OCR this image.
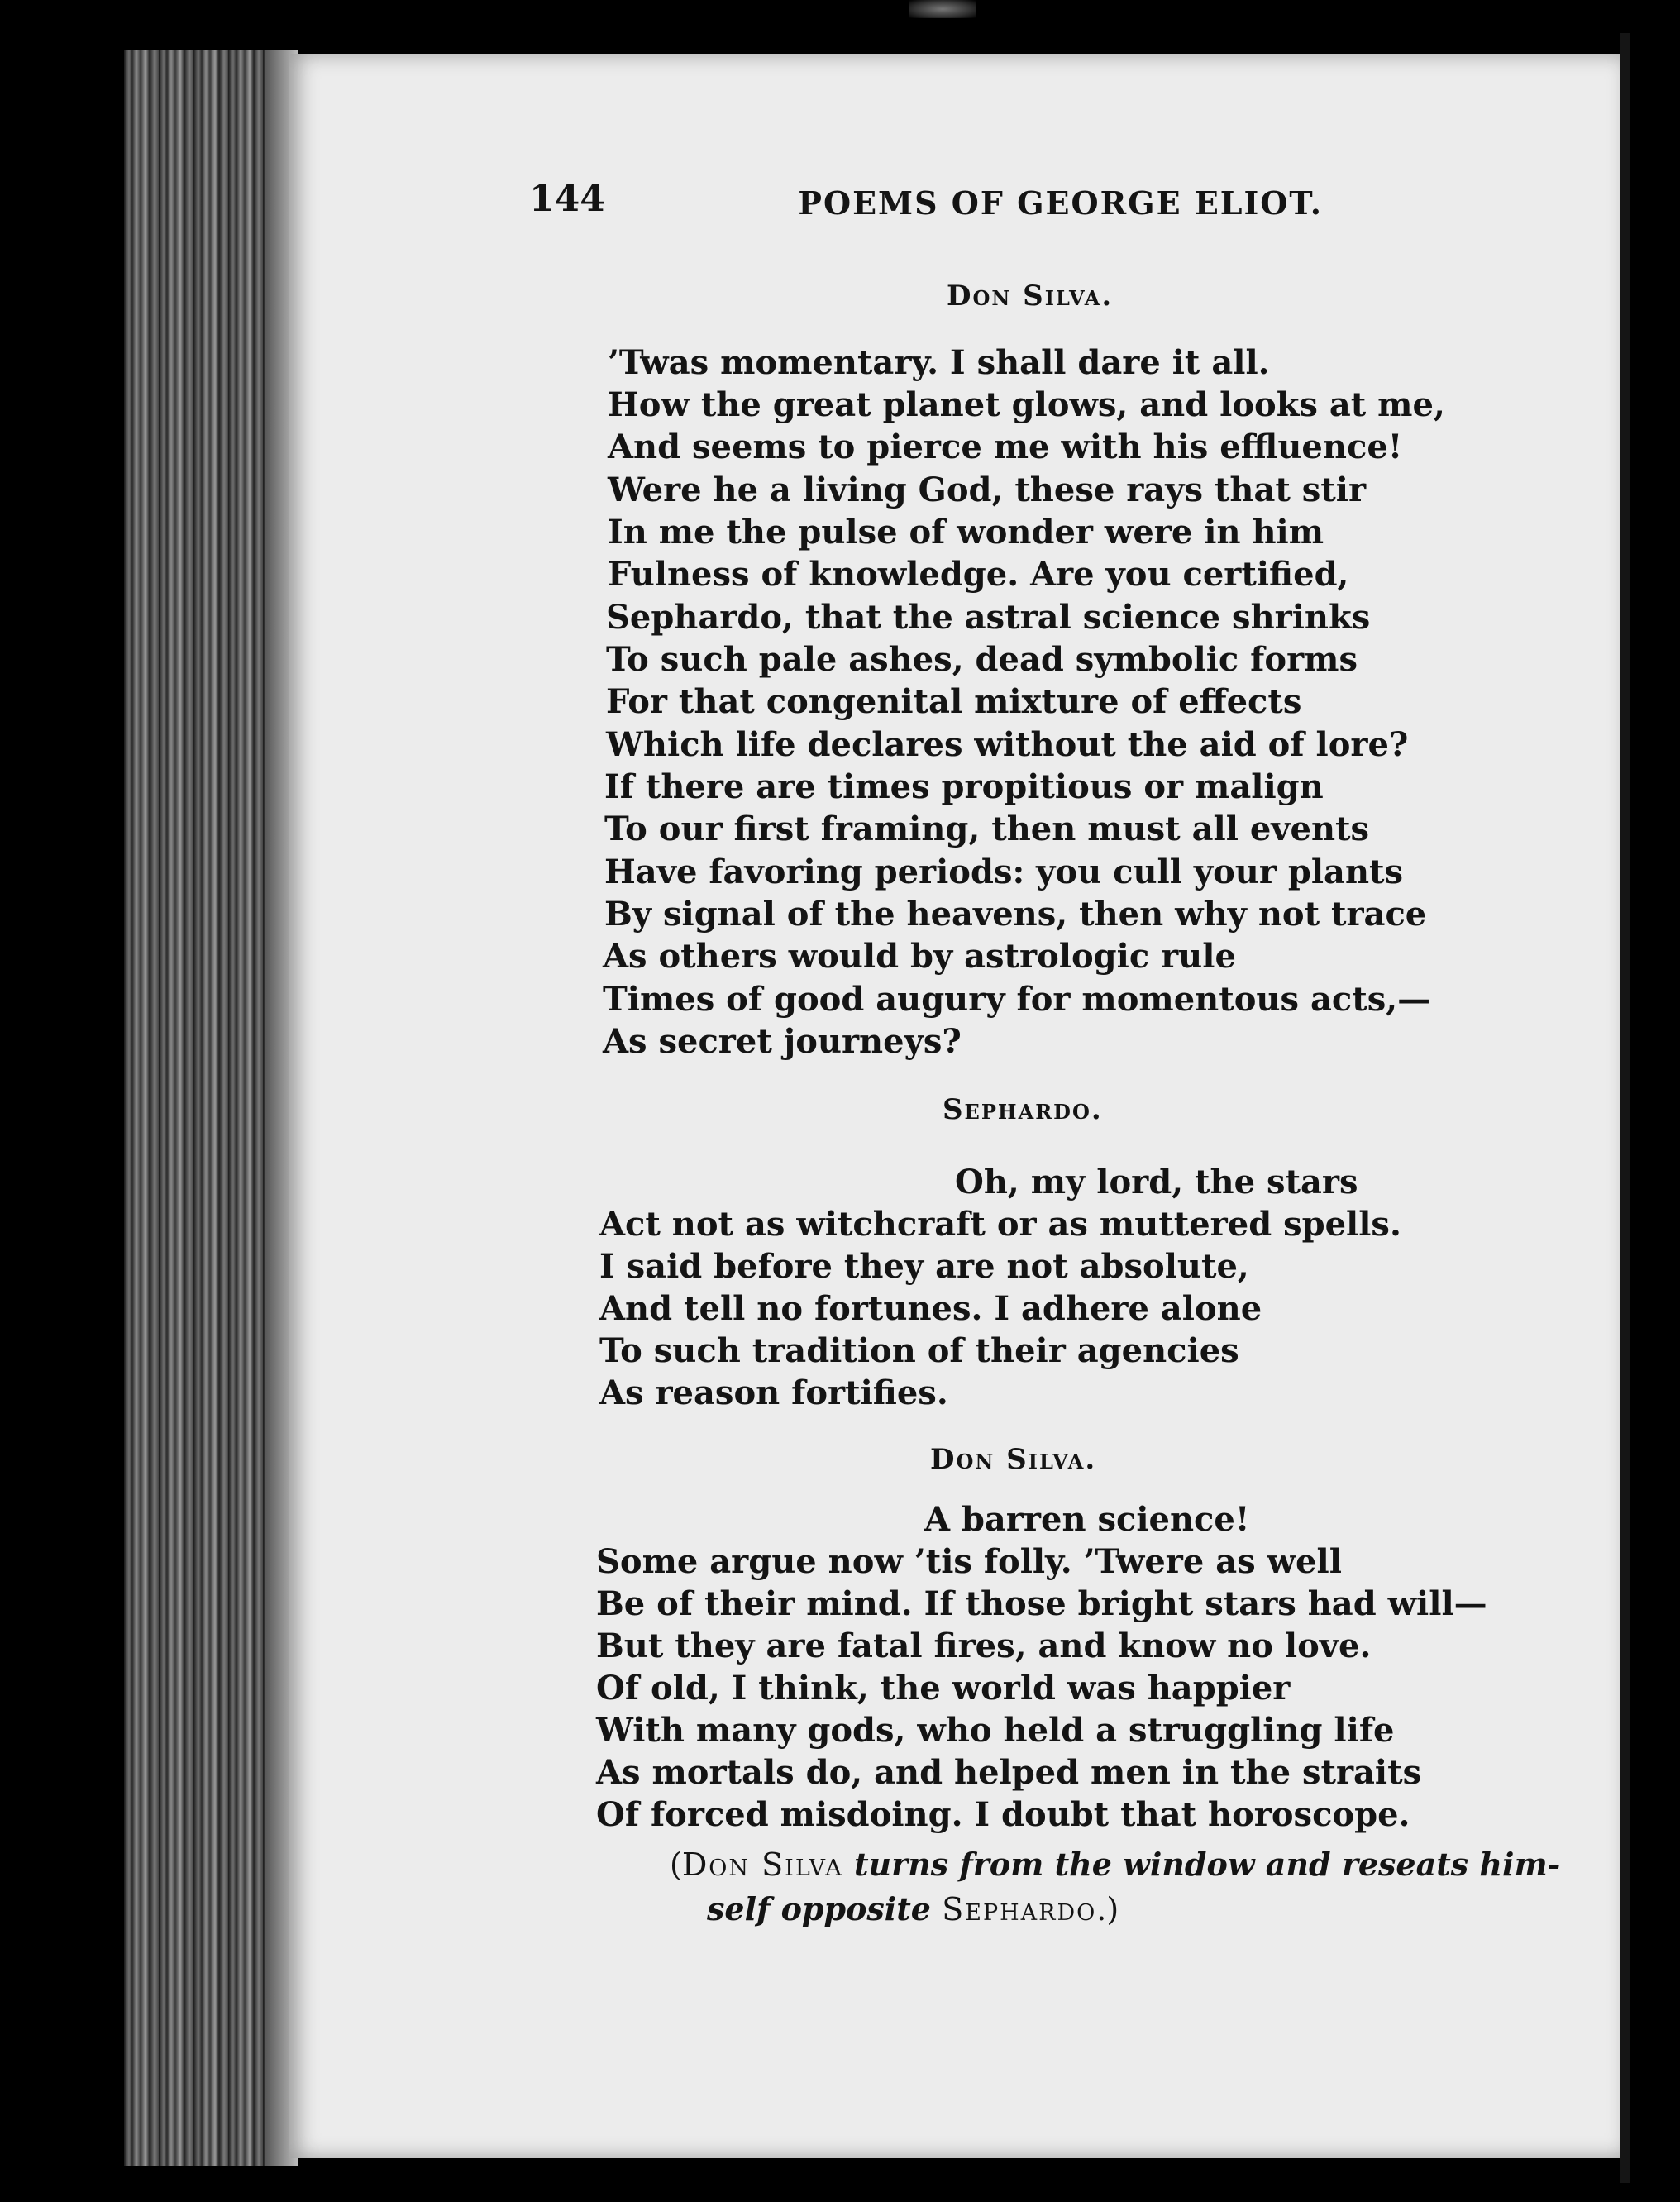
144	POEMS OF GEORGE ELIOT.
Don Silva.
’Twas momentary. I shall dare it all.
How the great planet glows, and looks at me,
And seems to pierce me with his effluence!
Were he a living God, these rays that stir
In me the pulse of wonder were in him
Fulness of knowledge. Are you certified,
Sephardo, that the astral science shrinks
To such pale ashes, dead symbolic forms
For that congenital mixture of effects
Which life declares without the aid of lore?
If there are times propitious or malign
To our first framing, then must all events
Have favoring periods: you cull your plants
By signal of the heavens, then why not trace
As others would by astrologic rule
Times of good augury for momentous acts,—
As secret journeys?
Sephardo.
Oh, my lord, the stars
Act not as witchcraft or as muttered spells.
I said before they are not absolute,
And tell no fortunes. I adhere alone
To such tradition of their agencies
As reason fortifies.
Don Silva.
A barren science!
Some argue now ’tis folly. ’Twere as well
Be of their mind. If those bright stars had will—
But they are fatal fires, and know no love.
Of old, I think, the world was happier
With many gods, who held a struggling life
As mortals do, and helped men in the straits
Of forced misdoing. I doubt that horoscope.
(Don Silva turns from the window and reseats him-
self opposite Sephardo.)
